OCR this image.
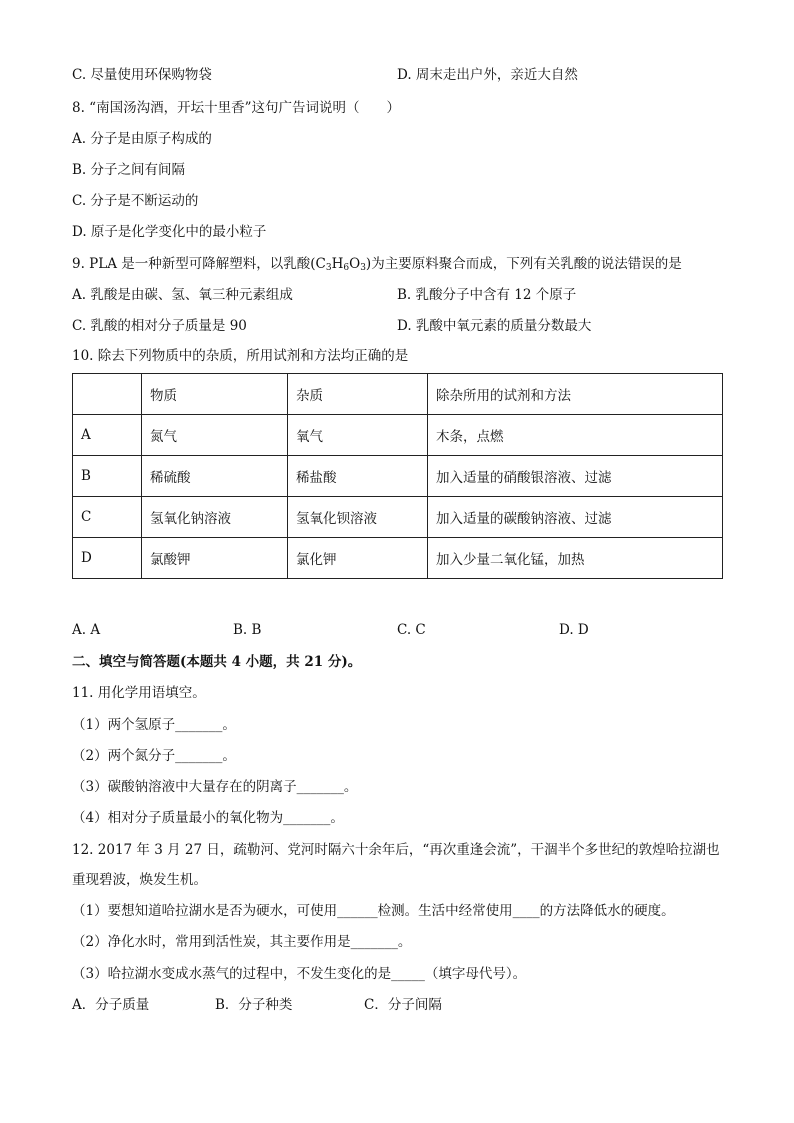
C. 尽量使用环保购物袋	D. 周末走出户外，亲近大自然
8. “南国汤沟酒，开坛十里香”这句广告词说明（　　）
A. 分子是由原子构成的
B. 分子之间有间隔
C. 分子是不断运动的
D. 原子是化学变化中的最小粒子
9. PLA 是一种新型可降解塑料，以乳酸$(C_3H_6O_3)$为主要原料聚合而成，下列有关乳酸的说法错误的是
A. 乳酸是由碳、氢、氧三种元素组成	B. 乳酸分子中含有 12 个原子
C. 乳酸的相对分子质量是 90	D. 乳酸中氧元素的质量分数最大
10. 除去下列物质中的杂质，所用试剂和方法均正确的是
	物质	杂质	除杂所用的试剂和方法
A	氮气	氧气	木条，点燃
B	稀硫酸	稀盐酸	加入适量的硝酸银溶液、过滤
C	氢氧化钠溶液	氢氧化钡溶液	加入适量的碳酸钠溶液、过滤
D	氯酸钾	氯化钾	加入少量二氧化锰，加热
A. A	B. B	C. C	D. D
二、填空与简答题(本题共 4 小题，共 21 分)。
11. 用化学用语填空。
（1）两个氢原子_______。
（2）两个氮分子_______。
（3）碳酸钠溶液中大量存在的阴离子_______。
（4）相对分子质量最小的氧化物为_______。
12. 2017 年 3 月 27 日，疏勒河、党河时隔六十余年后，“再次重逢会流”，干涸半个多世纪的敦煌哈拉湖也
重现碧波，焕发生机。
（1）要想知道哈拉湖水是否为硬水，可使用______检测。生活中经常使用____的方法降低水的硬度。
（2）净化水时，常用到活性炭，其主要作用是_______。
（3）哈拉湖水变成水蒸气的过程中，不发生变化的是_____（填字母代号）。
A．分子质量	B．分子种类	C．分子间隔
